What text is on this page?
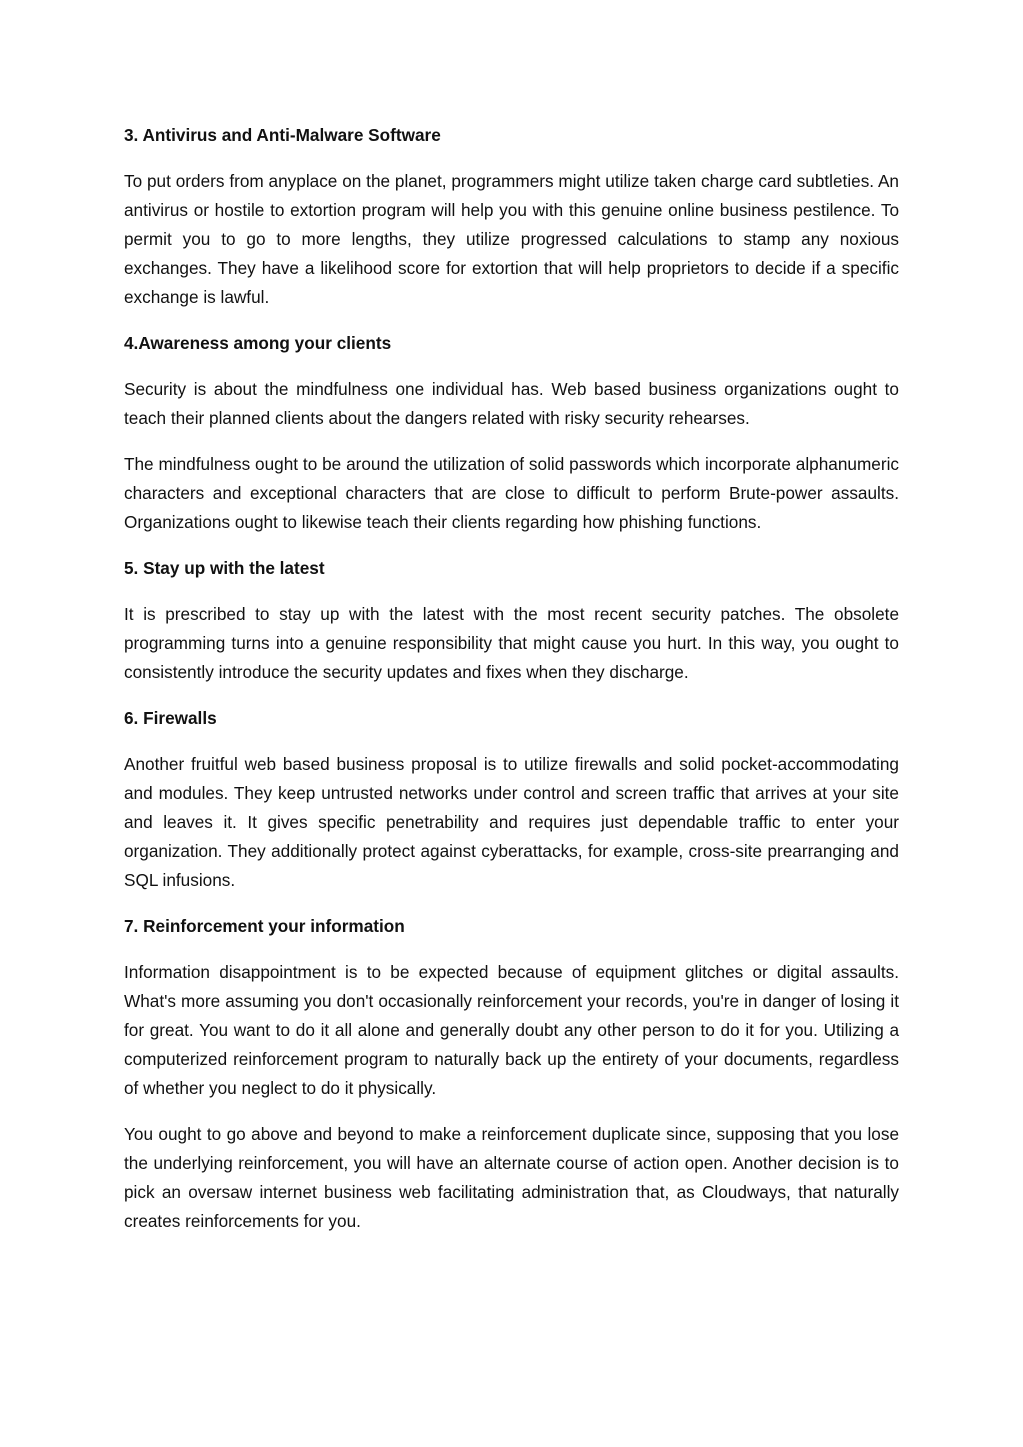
3. Antivirus and Anti-Malware Software

To put orders from anyplace on the planet, programmers might utilize taken charge card subtleties. An antivirus or hostile to extortion program will help you with this genuine online business pestilence. To permit you to go to more lengths, they utilize progressed calculations to stamp any noxious exchanges. They have a likelihood score for extortion that will help proprietors to decide if a specific exchange is lawful.

4.Awareness among your clients

Security is about the mindfulness one individual has. Web based business organizations ought to teach their planned clients about the dangers related with risky security rehearses.

The mindfulness ought to be around the utilization of solid passwords which incorporate alphanumeric characters and exceptional characters that are close to difficult to perform Brute-power assaults. Organizations ought to likewise teach their clients regarding how phishing functions.

5. Stay up with the latest

It is prescribed to stay up with the latest with the most recent security patches. The obsolete programming turns into a genuine responsibility that might cause you hurt. In this way, you ought to consistently introduce the security updates and fixes when they discharge.

6. Firewalls

Another fruitful web based business proposal is to utilize firewalls and solid pocket-accommodating and modules. They keep untrusted networks under control and screen traffic that arrives at your site and leaves it. It gives specific penetrability and requires just dependable traffic to enter your organization. They additionally protect against cyberattacks, for example, cross-site prearranging and SQL infusions.

7. Reinforcement your information

Information disappointment is to be expected because of equipment glitches or digital assaults. What's more assuming you don't occasionally reinforcement your records, you're in danger of losing it for great. You want to do it all alone and generally doubt any other person to do it for you. Utilizing a computerized reinforcement program to naturally back up the entirety of your documents, regardless of whether you neglect to do it physically.

You ought to go above and beyond to make a reinforcement duplicate since, supposing that you lose the underlying reinforcement, you will have an alternate course of action open. Another decision is to pick an oversaw internet business web facilitating administration that, as Cloudways, that naturally creates reinforcements for you.
